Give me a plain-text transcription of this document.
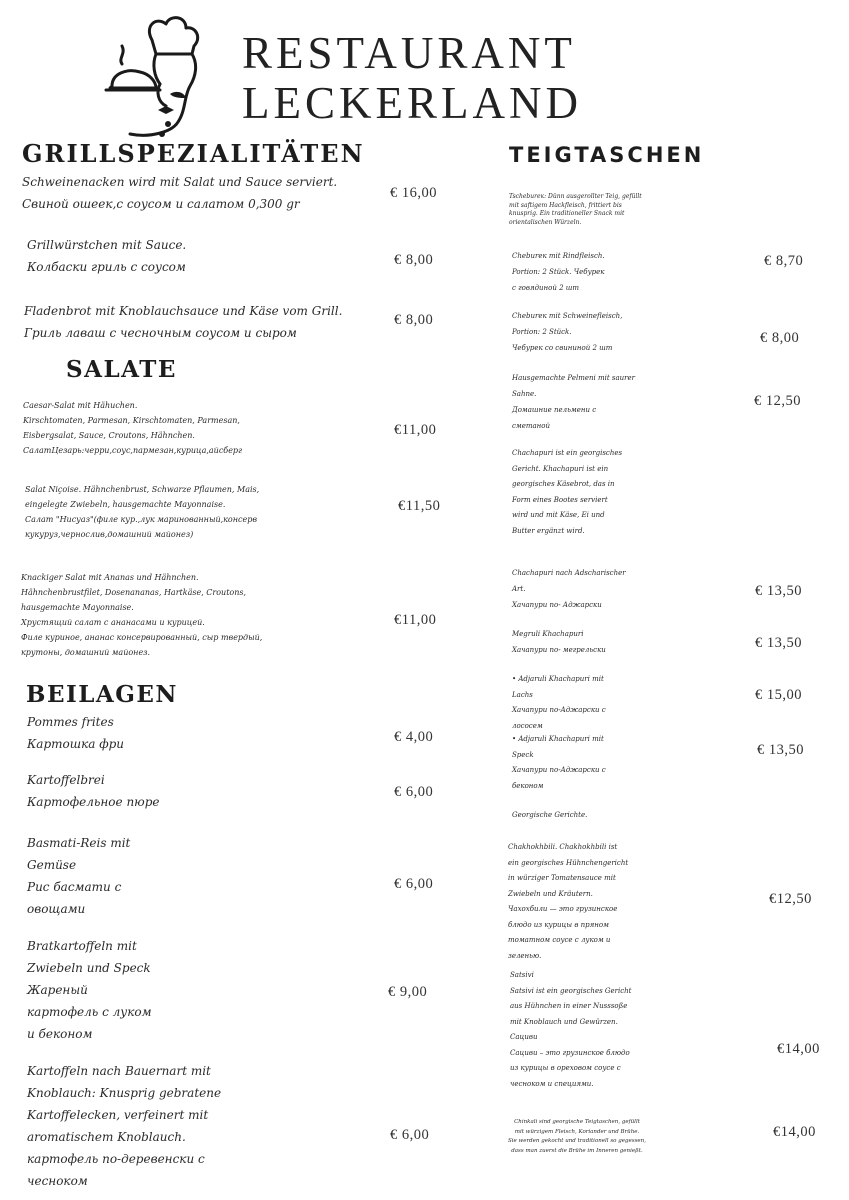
RESTAURANT
LECKERLAND
GRILLSPEZIALITÄTEN
Schweinenacken wird mit Salat und Sauce serviert.
Свиной ошеек,с соусом и салатом 0,300 gr
€ 16,00
Grillwürstchen mit Sauce.
Колбаски гриль с соусом	€ 8,00
Fladenbrot mit Knoblauchsauce und Käse vom Grill.
Гриль лаваш с чесночным соусом и сыром
€ 8,00
SALATE
Caesar-Salat mit Hähuchen.
Kirschtomaten, Parmesan, Kirschtomaten, Parmesan,
Eisbergsalat, Sauce, Croutons, Hähnchen.
СалатЦезарь:черри,соус,пармезан,курица,айсберг
€11,00
Salat Niçoise. Hähnchenbrust, Schwarze Pflaumen, Mais,
eingelegte Zwiebeln, hausgemachte Mayonnaise.
Салат "Нисуаз"(филе кур.,лук маринованный,консерв
кукуруз,чернослив,домашний майонез)
€11,50
Knackiger Salat mit Ananas und Hähnchen.
Hähnchenbrustfilet, Dosenananas, Hartkäse, Croutons,
hausgemachte Mayonnaise.
Хрустящий салат с ананасами и курицей.
Филе куриное, ананас консервированный, сыр твердый,
крутоны, домашний майонез.
€11,00
BEILAGEN
Pommes frites
Картошка фри	€ 4,00
Kartoffelbrei
Картофельное пюре
€ 6,00
Basmati-Reis mit
Gemüse
Рис басмати с
овощами
€ 6,00
Bratkartoffeln mit
Zwiebeln und Speck
Жареный
картофель с луком
и беконом
€ 9,00
Kartoffeln nach Bauernart mit
Knoblauch: Knusprig gebratene
Kartoffelecken, verfeinert mit
aromatischem Knoblauch.
картофель по-деревенски с
чесноком
€ 6,00
TEIGTASCHEN
Tschebureк: Dünn ausgerollter Teig, gefüllt
mit saftigem Hackfleisch, frittiert bis
knusprig. Ein traditioneller Snack mit
orientalischen Würzeln.
Chebureк mit Rindfleisch.
Portion: 2 Stück. Чебурек
с говядиной 2 шт
€ 8,70
Chebureк mit Schweinefleisch,
Portion: 2 Stück.
Чебурек со свининой 2 шт
€ 8,00
Hausgemachte Pelmeni mit saurer
Sahne.
Домашние пельмени с
сметаной
€ 12,50
Chachapuri ist ein georgisches
Gericht. Khachapuri ist ein
georgisches Käsebrot, das in
Form eines Bootes serviert
wird und mit Käse, Ei und
Butter ergänzt wird.
Chachapuri nach Adscharischer
Art.
Хачапури по- Аджарски
€ 13,50
Megruli Khachapuri
Хачапури по- мегрельски	€ 13,50
• Adjaruli Khachapuri mit
Lachs
Хачапури по-Аджарски с
лососем
€ 15,00
• Adjaruli Khachapuri mit
Speck
Хачапури по-Аджарски с
беконом
€ 13,50
Georgische Gerichte.
Chakhokhbili. Chakhokhbili ist
ein georgisches Hühnchengericht
in würziger Tomatensauce mit
Zwiebeln und Kräutern.
Чахохбили — это грузинское
блюдо из курицы в пряном
томатном соусе с луком и
зеленью.
€12,50
Satsivi
Satsivi ist ein georgisches Gericht
aus Hühnchen in einer Nusssoße
mit Knoblauch und Gewürzen.
Сациви
Сациви – это грузинское блюдо
из курицы в ореховом соусе с
чесноком и специями.
€14,00
Chinkali sind georgische Teigtaschen, gefüllt
mit würzigem Fleisch, Koriander und Brühe.
Sie werden gekocht und traditionell so gegessen,
dass man zuerst die Brühe im Inneren genießt.
€14,00
